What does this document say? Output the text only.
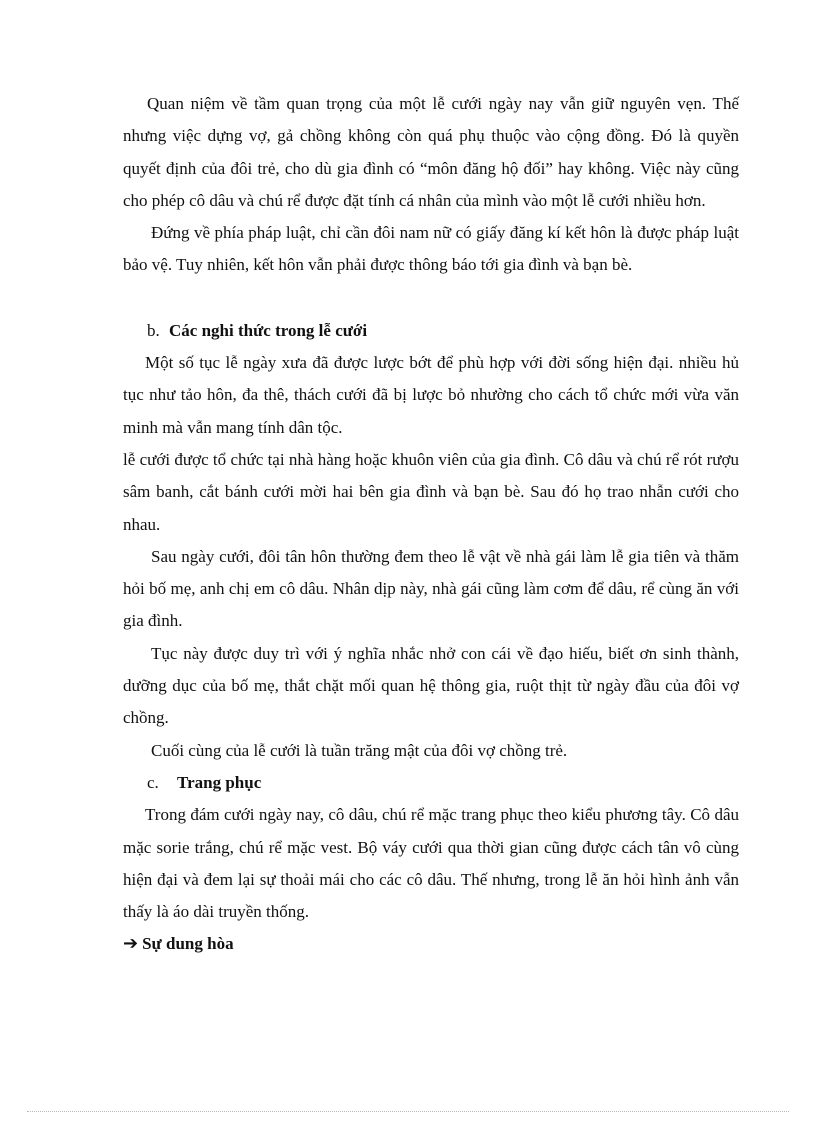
Quan niệm về tầm quan trọng của một lễ cưới ngày nay vẫn giữ nguyên vẹn. Thế nhưng việc dựng vợ, gả chồng không còn quá phụ thuộc vào cộng đồng. Đó là quyền quyết định của đôi trẻ, cho dù gia đình có “môn đăng hộ đối” hay không. Việc này cũng cho phép cô dâu và chú rể được đặt tính cá nhân của mình vào một lễ cưới nhiều hơn.

Đứng về phía pháp luật, chỉ cần đôi nam nữ có giấy đăng kí kết hôn là được pháp luật bảo vệ. Tuy nhiên, kết hôn vẫn phải được thông báo tới gia đình và bạn bè.

b. Các nghi thức trong lễ cưới

Một số tục lễ ngày xưa đã được lược bớt để phù hợp với đời sống hiện đại. nhiều hủ tục như tảo hôn, đa thê, thách cưới đã bị lược bỏ nhường cho cách tổ chức mới vừa văn minh mà vẫn mang tính dân tộc.

lễ cưới được tổ chức tại nhà hàng hoặc khuôn viên của gia đình. Cô dâu và chú rể rót rượu sâm banh, cắt bánh cưới mời hai bên gia đình và bạn bè. Sau đó họ trao nhẫn cưới cho nhau.

Sau ngày cưới, đôi tân hôn thường đem theo lễ vật về nhà gái làm lễ gia tiên và thăm hỏi bố mẹ, anh chị em cô dâu. Nhân dịp này, nhà gái cũng làm cơm để dâu, rể cùng ăn với gia đình.

Tục này được duy trì với ý nghĩa nhắc nhở con cái về đạo hiếu, biết ơn sinh thành, dưỡng dục của bố mẹ, thắt chặt mối quan hệ thông gia, ruột thịt từ ngày đầu của đôi vợ chồng.

Cuối cùng của lễ cưới là tuần trăng mật của đôi vợ chồng trẻ.

c. Trang phục

Trong đám cưới ngày nay, cô dâu, chú rể mặc trang phục theo kiểu phương tây. Cô dâu mặc sorie trắng, chú rể mặc vest. Bộ váy cưới qua thời gian cũng được cách tân vô cùng hiện đại và đem lại sự thoải mái cho các cô dâu. Thế nhưng, trong lễ ăn hỏi hình ảnh vẫn thấy là áo dài truyền thống.

➔ Sự dung hòa
